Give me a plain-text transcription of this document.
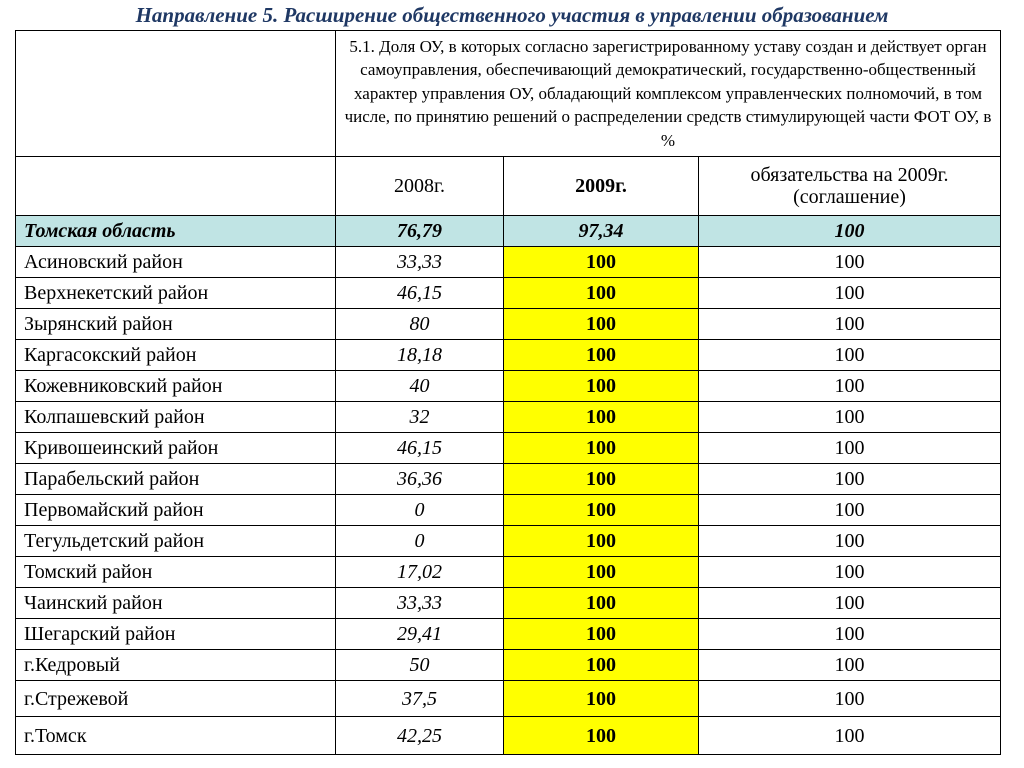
Направление 5. Расширение общественного участия в управлении образованием
	5.1. Доля ОУ, в которых согласно зарегистрированному уставу создан и действует орган самоуправления, обеспечивающий демократический, государственно-общественный характер управления ОУ, обладающий комплексом управленческих полномочий, в том числе, по принятию решений о распределении средств стимулирующей части ФОТ ОУ, в %		
	2008г.	2009г.	обязательства на 2009г. (соглашение)
Томская область	76,79	97,34	100
Асиновский район	33,33	100	100
Верхнекетский район	46,15	100	100
Зырянский район	80	100	100
Каргасокский район	18,18	100	100
Кожевниковский район	40	100	100
Колпашевский район	32	100	100
Кривошеинский район	46,15	100	100
Парабельский район	36,36	100	100
Первомайский район	0	100	100
Тегульдетский район	0	100	100
Томский район	17,02	100	100
Чаинский район	33,33	100	100
Шегарский район	29,41	100	100
г.Кедровый	50	100	100
г.Стрежевой	37,5	100	100
г.Томск	42,25	100	100
